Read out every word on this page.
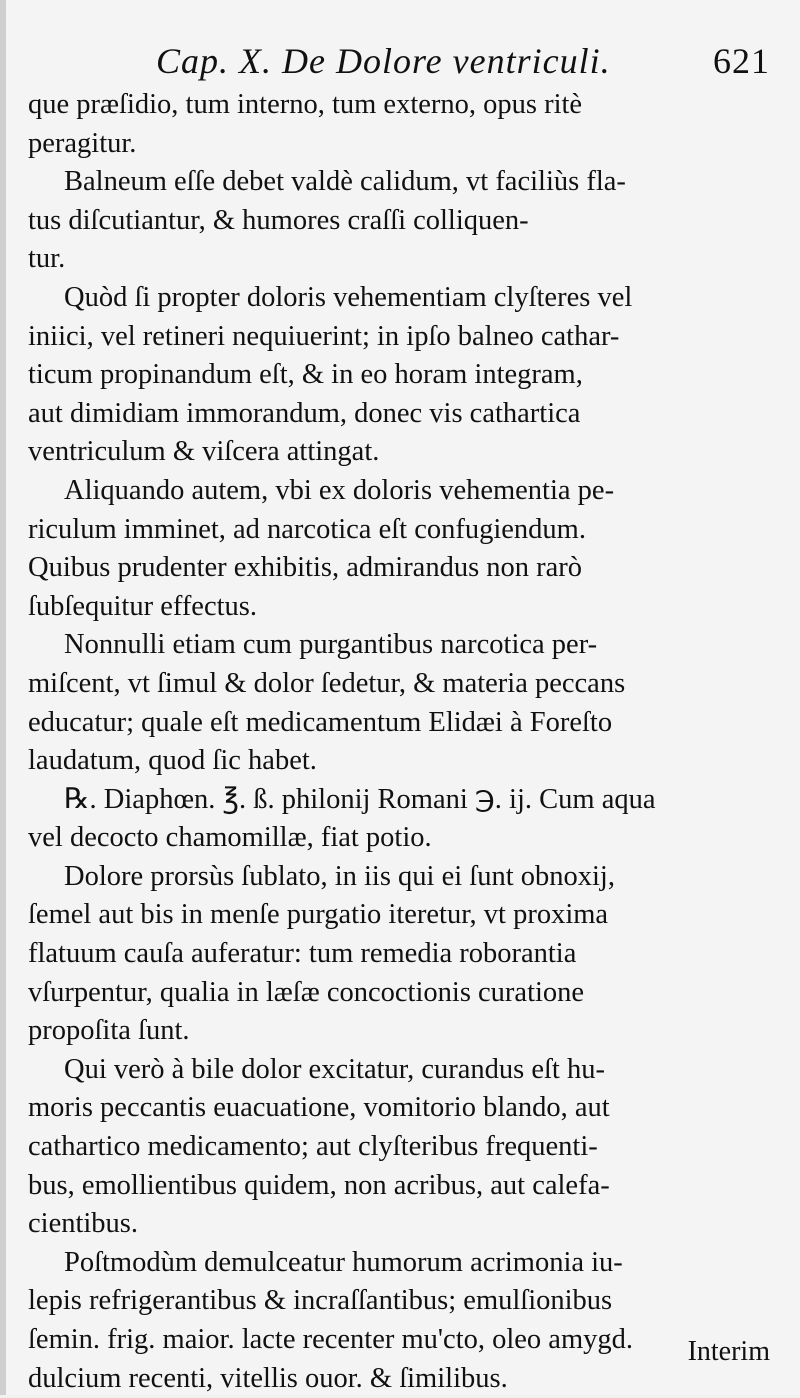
Cap. X. De Dolore ventriculi.	621
que præſidio, tum interno, tum externo, opus ritè
peragitur.
Balneum eſſe debet valdè calidum, vt faciliùs fla-
tus diſcutiantur, & humores craſſi colliquen-
tur.
Quòd ſi propter doloris vehementiam clyſteres vel
iniici, vel retineri nequiuerint; in ipſo balneo cathar-
ticum propinandum eſt, & in eo horam integram,
aut dimidiam immorandum, donec vis cathartica
ventriculum & viſcera attingat.
Aliquando autem, vbi ex doloris vehementia pe-
riculum imminet, ad narcotica eſt confugiendum.
Quibus prudenter exhibitis, admirandus non rarò
ſubſequitur effectus.
Nonnulli etiam cum purgantibus narcotica per-
miſcent, vt ſimul & dolor ſedetur, & materia peccans
educatur; quale eſt medicamentum Elidæi à Foreſto
laudatum, quod ſic habet.
℞. Diaphœn. ℥. ß. philonij Romani ℈. ij. Cum aqua
vel decocto chamomillæ, fiat potio.
Dolore prorsùs ſublato, in iis qui ei ſunt obnoxij,
ſemel aut bis in menſe purgatio iteretur, vt proxima
flatuum cauſa auferatur: tum remedia roborantia
vſurpentur, qualia in læſæ concoctionis curatione
propoſita ſunt.
Qui verò à bile dolor excitatur, curandus eſt hu-
moris peccantis euacuatione, vomitorio blando, aut
cathartico medicamento; aut clyſteribus frequenti-
bus, emollientibus quidem, non acribus, aut calefa-
cientibus.
Poſtmodùm demulceatur humorum acrimonia iu-
lepis refrigerantibus & incraſſantibus; emulſionibus
ſemin. frig. maior. lacte recenter mu'cto, oleo amygd.
dulcium recenti, vitellis ouor. & ſimilibus.
Interim
